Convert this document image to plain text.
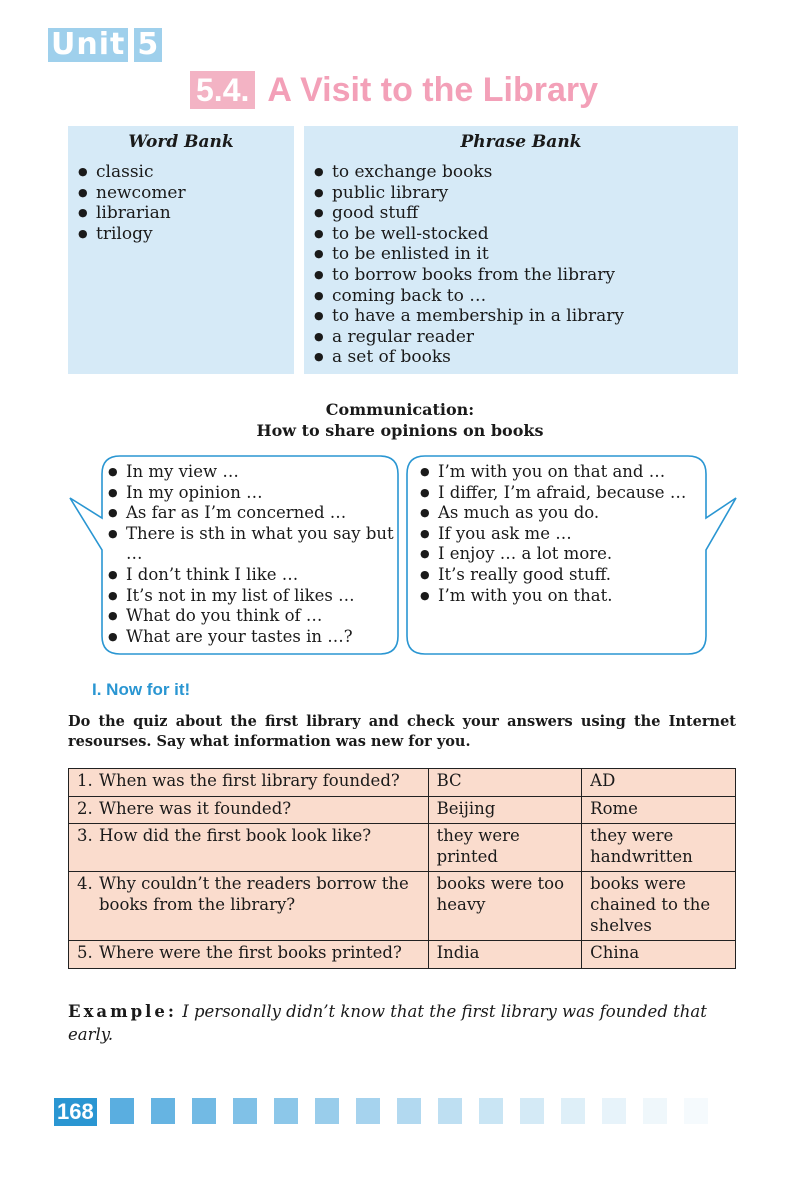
Unit 5
5.4. A Visit to the Library
Word Bank
● classic
● newcomer
● librarian
● trilogy
Phrase Bank
● to exchange books
● public library
● good stuff
● to be well-stocked
● to be enlisted in it
● to borrow books from the library
● coming back to …
● to have a membership in a library
● a regular reader
● a set of books
Communication:
How to share opinions on books
● In my view …
● In my opinion …
● As far as I’m concerned …
● There is sth in what you say but …
● I don’t think I like …
● It’s not in my list of likes …
● What do you think of …
● What are your tastes in …?
● I’m with you on that and …
● I differ, I’m afraid, because …
● As much as you do.
● If you ask me …
● I enjoy … a lot more.
● It’s really good stuff.
● I’m with you on that.
I. Now for it!
Do the quiz about the first library and check your answers using the Internet resourses. Say what information was new for you.
1. When was the first library founded?	BC	AD

2. Where was it founded?	Beijing	Rome

3. How did the first book look like?	they were printed	they were handwritten

4. Why couldn’t the readers borrow the books from the library?	books were too heavy	books were chained to the shelves

5. Where were the first books printed?	India	China
Example: I personally didn’t know that the first library was founded that early.
168
